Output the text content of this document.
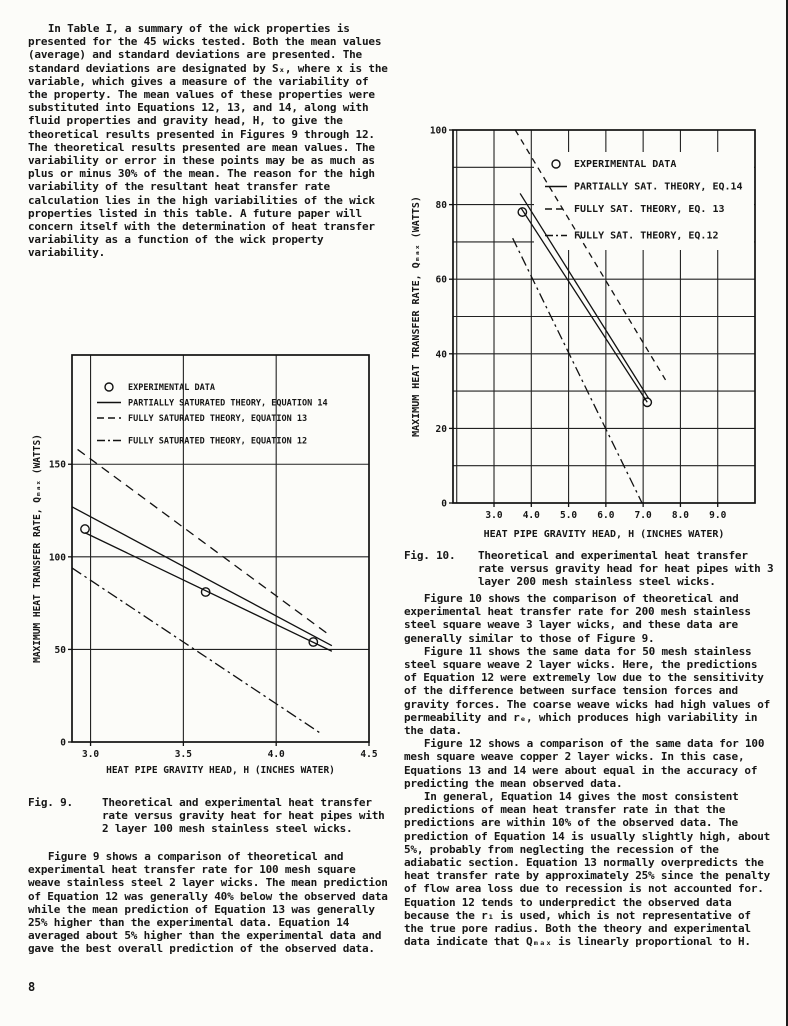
In Table I, a summary of the wick properties is presented for the 45 wicks tested. Both the mean values (average) and standard deviations are presented. The standard deviations are designated by Sₓ, where x is the variable, which gives a measure of the variability of the property. The mean values of these properties were substituted into Equations 12, 13, and 14, along with fluid properties and gravity head, H, to give the theoretical results presented in Figures 9 through 12. The theoretical results presented are mean values. The variability or error in these points may be as much as plus or minus 30% of the mean. The reason for the high variability of the resultant heat transfer rate calculation lies in the high variabilities of the wick properties listed in this table. A future paper will concern itself with the determination of heat transfer variability as a function of the wick property variability.

3.0	3.5	4.0	4.5
0
50
100
150
EXPERIMENTAL DATA
PARTIALLY SATURATED THEORY, EQUATION 14
FULLY SATURATED THEORY, EQUATION 13
FULLY SATURATED THEORY, EQUATION 12
HEAT PIPE GRAVITY HEAD, H (INCHES WATER)
MAXIMUM HEAT TRANSFER RATE, Qₘₐₓ (WATTS)
Fig. 9.	Theoretical and experimental heat transfer rate versus gravity heat for heat pipes with 2 layer 100 mesh stainless steel wicks.

Figure 9 shows a comparison of theoretical and experimental heat transfer rate for 100 mesh square weave stainless steel 2 layer wicks. The mean prediction of Equation 12 was generally 40% below the observed data while the mean prediction of Equation 13 was generally 25% higher than the experimental data. Equation 14 averaged about 5% higher than the experimental data and gave the best overall prediction of the observed data.

3.0 4.0 5.0 6.0 7.0 8.0 9.0
0
20
40
60
80
100
EXPERIMENTAL DATA
PARTIALLY SAT. THEORY, EQ.14
FULLY SAT. THEORY, EQ. 13
FULLY SAT. THEORY, EQ.12
HEAT PIPE GRAVITY HEAD, H (INCHES WATER)
MAXIMUM HEAT TRANSFER RATE, Qₘₐₓ (WATTS)
Fig. 10.	Theoretical and experimental heat transfer rate versus gravity head for heat pipes with 3 layer 200 mesh stainless steel wicks.

Figure 10 shows the comparison of theoretical and experimental heat transfer rate for 200 mesh stainless steel square weave 3 layer wicks, and these data are generally similar to those of Figure 9.

Figure 11 shows the same data for 50 mesh stainless steel square weave 2 layer wicks. Here, the predictions of Equation 12 were extremely low due to the sensitivity of the difference between surface tension forces and gravity forces. The coarse weave wicks had high values of permeability and rₑ, which produces high variability in the data.

Figure 12 shows a comparison of the same data for 100 mesh square weave copper 2 layer wicks. In this case, Equations 13 and 14 were about equal in the accuracy of predicting the mean observed data.

In general, Equation 14 gives the most consistent predictions of mean heat transfer rate in that the predictions are within 10% of the observed data. The prediction of Equation 14 is usually slightly high, about 5%, probably from neglecting the recession of the adiabatic section. Equation 13 normally overpredicts the heat transfer rate by approximately 25% since the penalty of flow area loss due to recession is not accounted for. Equation 12 tends to underpredict the observed data because the r₁ is used, which is not representative of the true pore radius. Both the theory and experimental data indicate that Qₘₐₓ is linearly proportional to H.

8
